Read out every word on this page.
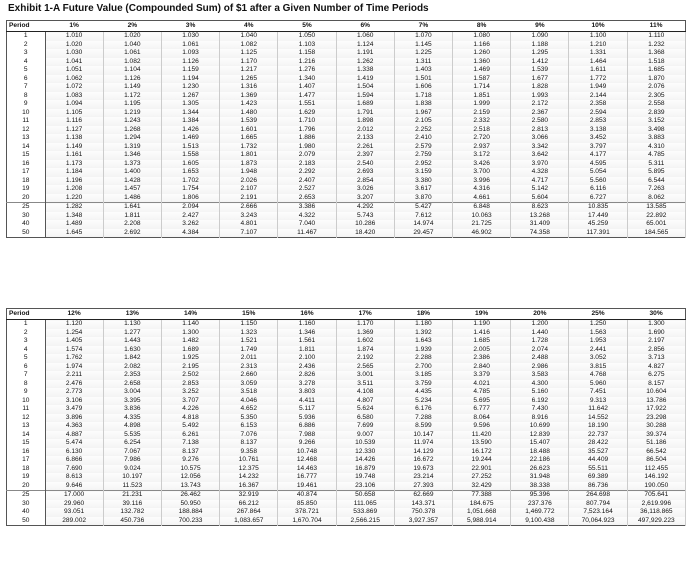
Exhibit 1-A Future Value (Compounded Sum) of $1 after a Given Number of Time Periods
Period	1%	2%	3%	4%	5%	6%	7%	8%	9%	10%	11%
1	1.010	1.020	1.030	1.040	1.050	1.060	1.070	1.080	1.090	1.100	1.110
2	1.020	1.040	1.061	1.082	1.103	1.124	1.145	1.166	1.188	1.210	1.232
3	1.030	1.061	1.093	1.125	1.158	1.191	1.225	1.260	1.295	1.331	1.368
4	1.041	1.082	1.126	1.170	1.216	1.262	1.311	1.360	1.412	1.464	1.518
5	1.051	1.104	1.159	1.217	1.276	1.338	1.403	1.469	1.539	1.611	1.685
6	1.062	1.126	1.194	1.265	1.340	1.419	1.501	1.587	1.677	1.772	1.870
7	1.072	1.149	1.230	1.316	1.407	1.504	1.606	1.714	1.828	1.949	2.076
8	1.083	1.172	1.267	1.369	1.477	1.594	1.718	1.851	1.993	2.144	2.305
9	1.094	1.195	1.305	1.423	1.551	1.689	1.838	1.999	2.172	2.358	2.558
10	1.105	1.219	1.344	1.480	1.629	1.791	1.967	2.159	2.367	2.594	2.839
11	1.116	1.243	1.384	1.539	1.710	1.898	2.105	2.332	2.580	2.853	3.152
12	1.127	1.268	1.426	1.601	1.796	2.012	2.252	2.518	2.813	3.138	3.498
13	1.138	1.294	1.469	1.665	1.886	2.133	2.410	2.720	3.066	3.452	3.883
14	1.149	1.319	1.513	1.732	1.980	2.261	2.579	2.937	3.342	3.797	4.310
15	1.161	1.346	1.558	1.801	2.079	2.397	2.759	3.172	3.642	4.177	4.785
16	1.173	1.373	1.605	1.873	2.183	2.540	2.952	3.426	3.970	4.595	5.311
17	1.184	1.400	1.653	1.948	2.292	2.693	3.159	3.700	4.328	5.054	5.895
18	1.196	1.428	1.702	2.026	2.407	2.854	3.380	3.996	4.717	5.560	6.544
19	1.208	1.457	1.754	2.107	2.527	3.026	3.617	4.316	5.142	6.116	7.263
20	1.220	1.486	1.806	2.191	2.653	3.207	3.870	4.661	5.604	6.727	8.062
25	1.282	1.641	2.094	2.666	3.386	4.292	5.427	6.848	8.623	10.835	13.585
30	1.348	1.811	2.427	3.243	4.322	5.743	7.612	10.063	13.268	17.449	22.892
40	1.489	2.208	3.262	4.801	7.040	10.286	14.974	21.725	31.409	45.259	65.001
50	1.645	2.692	4.384	7.107	11.467	18.420	29.457	46.902	74.358	117.391	184.565
Period	12%	13%	14%	15%	16%	17%	18%	19%	20%	25%	30%
1	1.120	1.130	1.140	1.150	1.160	1.170	1.180	1.190	1.200	1.250	1.300
2	1.254	1.277	1.300	1.323	1.346	1.369	1.392	1.416	1.440	1.563	1.690
3	1.405	1.443	1.482	1.521	1.561	1.602	1.643	1.685	1.728	1.953	2.197
4	1.574	1.630	1.689	1.749	1.811	1.874	1.939	2.005	2.074	2.441	2.856
5	1.762	1.842	1.925	2.011	2.100	2.192	2.288	2.386	2.488	3.052	3.713
6	1.974	2.082	2.195	2.313	2.436	2.565	2.700	2.840	2.986	3.815	4.827
7	2.211	2.353	2.502	2.660	2.826	3.001	3.185	3.379	3.583	4.768	6.275
8	2.476	2.658	2.853	3.059	3.278	3.511	3.759	4.021	4.300	5.960	8.157
9	2.773	3.004	3.252	3.518	3.803	4.108	4.435	4.785	5.160	7.451	10.604
10	3.106	3.395	3.707	4.046	4.411	4.807	5.234	5.695	6.192	9.313	13.786
11	3.479	3.836	4.226	4.652	5.117	5.624	6.176	6.777	7.430	11.642	17.922
12	3.896	4.335	4.818	5.350	5.936	6.580	7.288	8.064	8.916	14.552	23.298
13	4.363	4.898	5.492	6.153	6.886	7.699	8.599	9.596	10.699	18.190	30.288
14	4.887	5.535	6.261	7.076	7.988	9.007	10.147	11.420	12.839	22.737	39.374
15	5.474	6.254	7.138	8.137	9.266	10.539	11.974	13.590	15.407	28.422	51.186
16	6.130	7.067	8.137	9.358	10.748	12.330	14.129	16.172	18.488	35.527	66.542
17	6.866	7.986	9.276	10.761	12.468	14.426	16.672	19.244	22.186	44.409	86.504
18	7.690	9.024	10.575	12.375	14.463	16.879	19.673	22.901	26.623	55.511	112.455
19	8.613	10.197	12.056	14.232	16.777	19.748	23.214	27.252	31.948	69.389	146.192
20	9.646	11.523	13.743	16.367	19.461	23.106	27.393	32.429	38.338	86.736	190.050
25	17.000	21.231	26.462	32.919	40.874	50.658	62.669	77.388	95.396	264.698	705.641
30	29.960	39.116	50.950	66.212	85.850	111.065	143.371	184.675	237.376	807.794	2,619.996
40	93.051	132.782	188.884	267.864	378.721	533.869	750.378	1,051.668	1,469.772	7,523.164	36,118.865
50	289.002	450.736	700.233	1,083.657	1,670.704	2,566.215	3,927.357	5,988.914	9,100.438	70,064.923	497,929.223
